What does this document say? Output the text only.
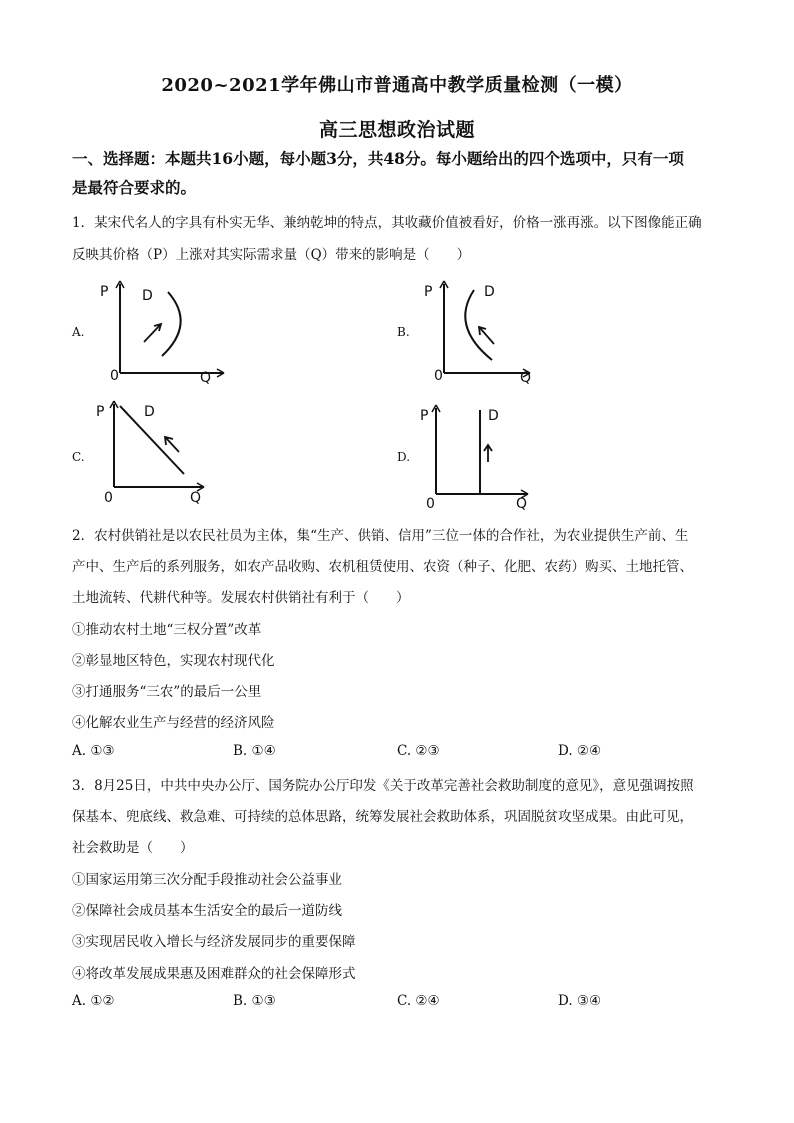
2020~2021学年佛山市普通高中教学质量检测（一模）
高三思想政治试题
一、选择题：本题共16小题，每小题3分，共48分。每小题给出的四个选项中，只有一项
是最符合要求的。
1．某宋代名人的字具有朴实无华、兼纳乾坤的特点，其收藏价值被看好，价格一涨再涨。以下图像能正确
反映其价格（P）上涨对其实际需求量（Q）带来的影响是（　　）
A.
P D
0	Q
B.
P	D
0	Q
C.
P	D
0	Q
D.
P	D
0	Q
2．农村供销社是以农民社员为主体，集“生产、供销、信用”三位一体的合作社，为农业提供生产前、生
产中、生产后的系列服务，如农产品收购、农机租赁使用、农资（种子、化肥、农药）购买、土地托管、
土地流转、代耕代种等。发展农村供销社有利于（　　）
①推动农村土地“三权分置”改革
②彰显地区特色，实现农村现代化
③打通服务“三农”的最后一公里
④化解农业生产与经营的经济风险
A. ①③	B. ①④	C. ②③	D. ②④
3．8月25日，中共中央办公厅、国务院办公厅印发《关于改革完善社会救助制度的意见》，意见强调按照
保基本、兜底线、救急难、可持续的总体思路，统筹发展社会救助体系，巩固脱贫攻坚成果。由此可见，
社会救助是（　　）
①国家运用第三次分配手段推动社会公益事业
②保障社会成员基本生活安全的最后一道防线
③实现居民收入增长与经济发展同步的重要保障
④将改革发展成果惠及困难群众的社会保障形式
A. ①②	B. ①③	C. ②④	D. ③④
